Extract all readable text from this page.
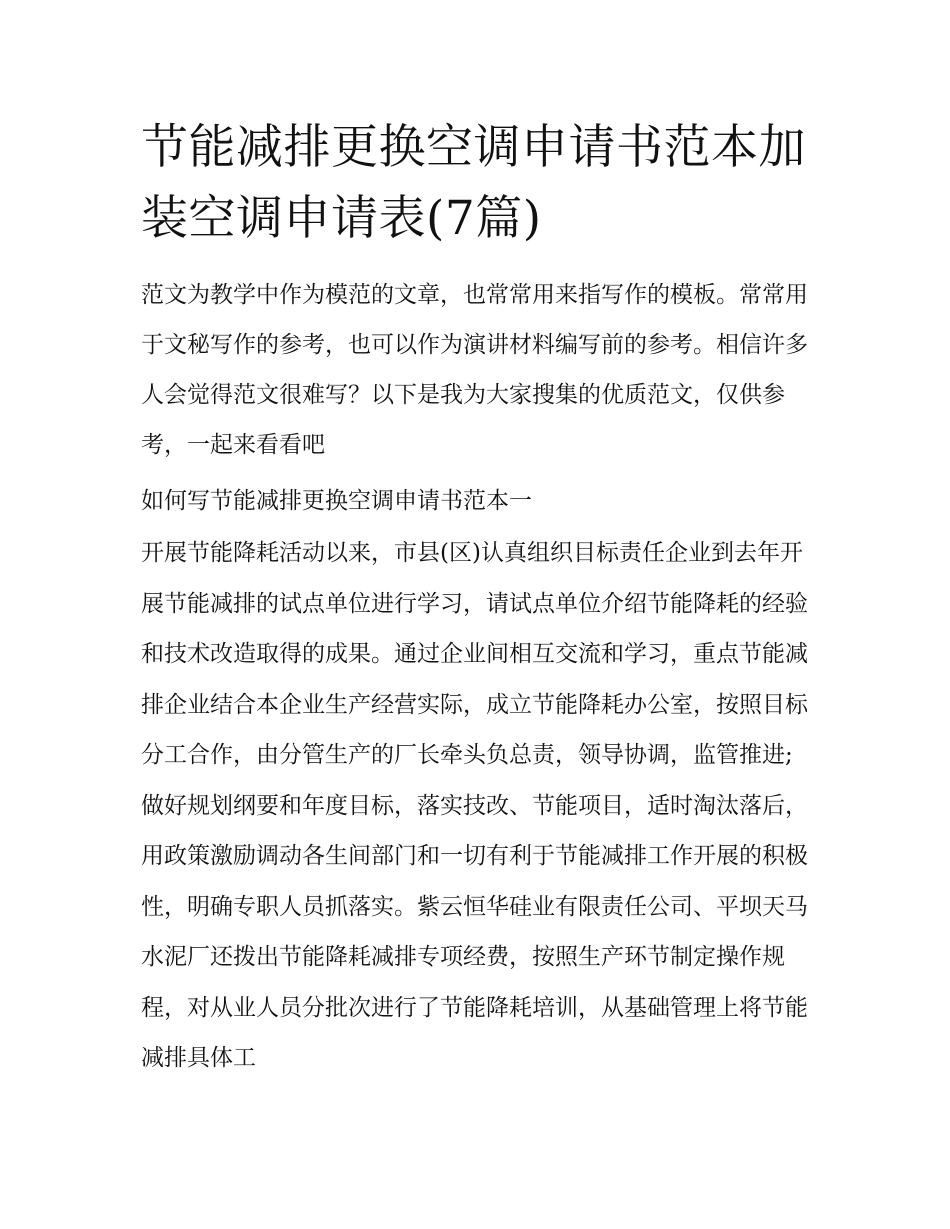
节能减排更换空调申请书范本加装空调申请表(7篇)

范文为教学中作为模范的文章，也常常用来指写作的模板。常常用于文秘写作的参考，也可以作为演讲材料编写前的参考。相信许多人会觉得范文很难写？以下是我为大家搜集的优质范文，仅供参考，一起来看看吧

如何写节能减排更换空调申请书范本一

开展节能降耗活动以来，市县(区)认真组织目标责任企业到去年开展节能减排的试点单位进行学习，请试点单位介绍节能降耗的经验和技术改造取得的成果。通过企业间相互交流和学习，重点节能减排企业结合本企业生产经营实际，成立节能降耗办公室，按照目标分工合作，由分管生产的厂长牵头负总责，领导协调，监管推进;做好规划纲要和年度目标，落实技改、节能项目，适时淘汰落后，用政策激励调动各生间部门和一切有利于节能减排工作开展的积极性，明确专职人员抓落实。紫云恒华硅业有限责任公司、平坝天马水泥厂还拨出节能降耗减排专项经费，按照生产环节制定操作规程，对从业人员分批次进行了节能降耗培训，从基础管理上将节能减排具体工
